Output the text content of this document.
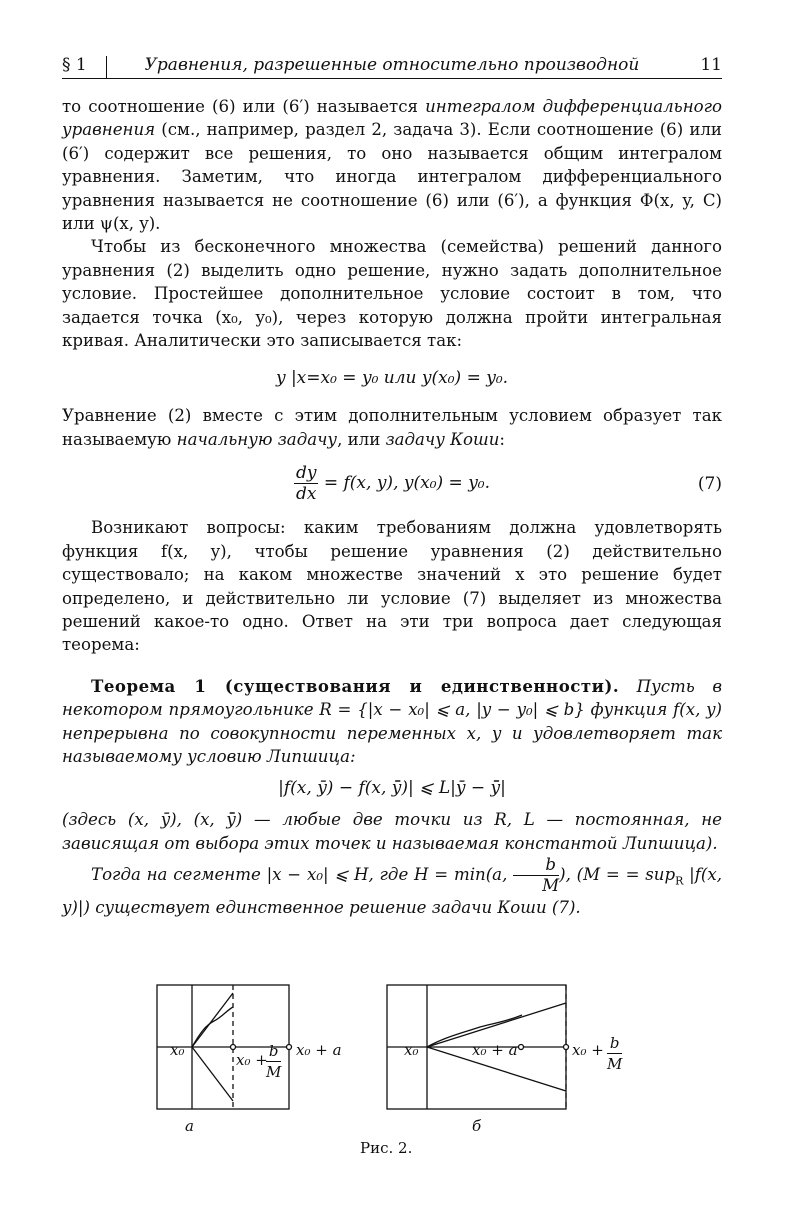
§ 1	Уравнения, разрешенные относительно производной	11

то соотношение (6) или (6′) называется интегралом дифференциального уравнения (см., например, раздел 2, задача 3). Если соотношение (6) или (6′) содержит все решения, то оно называется общим интегралом уравнения. Заметим, что иногда интегралом дифференциального уравнения называется не соотношение (6) или (6′), а функция Φ(x, y, C) или ψ(x, y).

Чтобы из бесконечного множества (семейства) решений данного уравнения (2) выделить одно решение, нужно задать дополнительное условие. Простейшее дополнительное условие состоит в том, что задается точка (x₀, y₀), через которую должна пройти интегральная кривая. Аналитически это записывается так:

y |x=x₀ = y₀ или y(x₀) = y₀.

Уравнение (2) вместе с этим дополнительным условием образует так называемую начальную задачу, или задачу Коши:

$\frac{dy}{dx} = f(x$, y), y(x₀) = y₀.	(7)

Возникают вопросы: каким требованиям должна удовлетворять функция f(x, y), чтобы решение уравнения (2) действительно существовало; на каком множестве значений x это решение будет определено, и действительно ли условие (7) выделяет из множества решений какое-то одно. Ответ на эти три вопроса дает следующая теорема:

Теорема 1 (существования и единственности). Пусть в некотором прямоугольнике R = {|x − x₀| ⩽ a, |y − y₀| ⩽ b} функция f(x, y) непрерывна по совокупности переменных x, y и удовлетворяет так называемому условию Липшица:

|f(x, ȳ) − f(x, ȳ̄)| ⩽ L|ȳ − ȳ̄|

(здесь (x, ȳ), (x, ȳ̄) — любые две точки из R, L — постоянная, не зависящая от выбора этих точек и называемая константой Липшица).

Тогда на сегменте |x − x₀| ⩽ H, где H = min(a, $\frac{b}{M}$ ), (M = = sup$_R$ |f(x, y)|) существует единственное решение задачи Коши (7).

x₀
x₀ +
$\frac{b}{M} x_0 + a$	x₀	x₀ + a	$x_0 + \frac{b}{M}$
а	б
Рис. 2.
